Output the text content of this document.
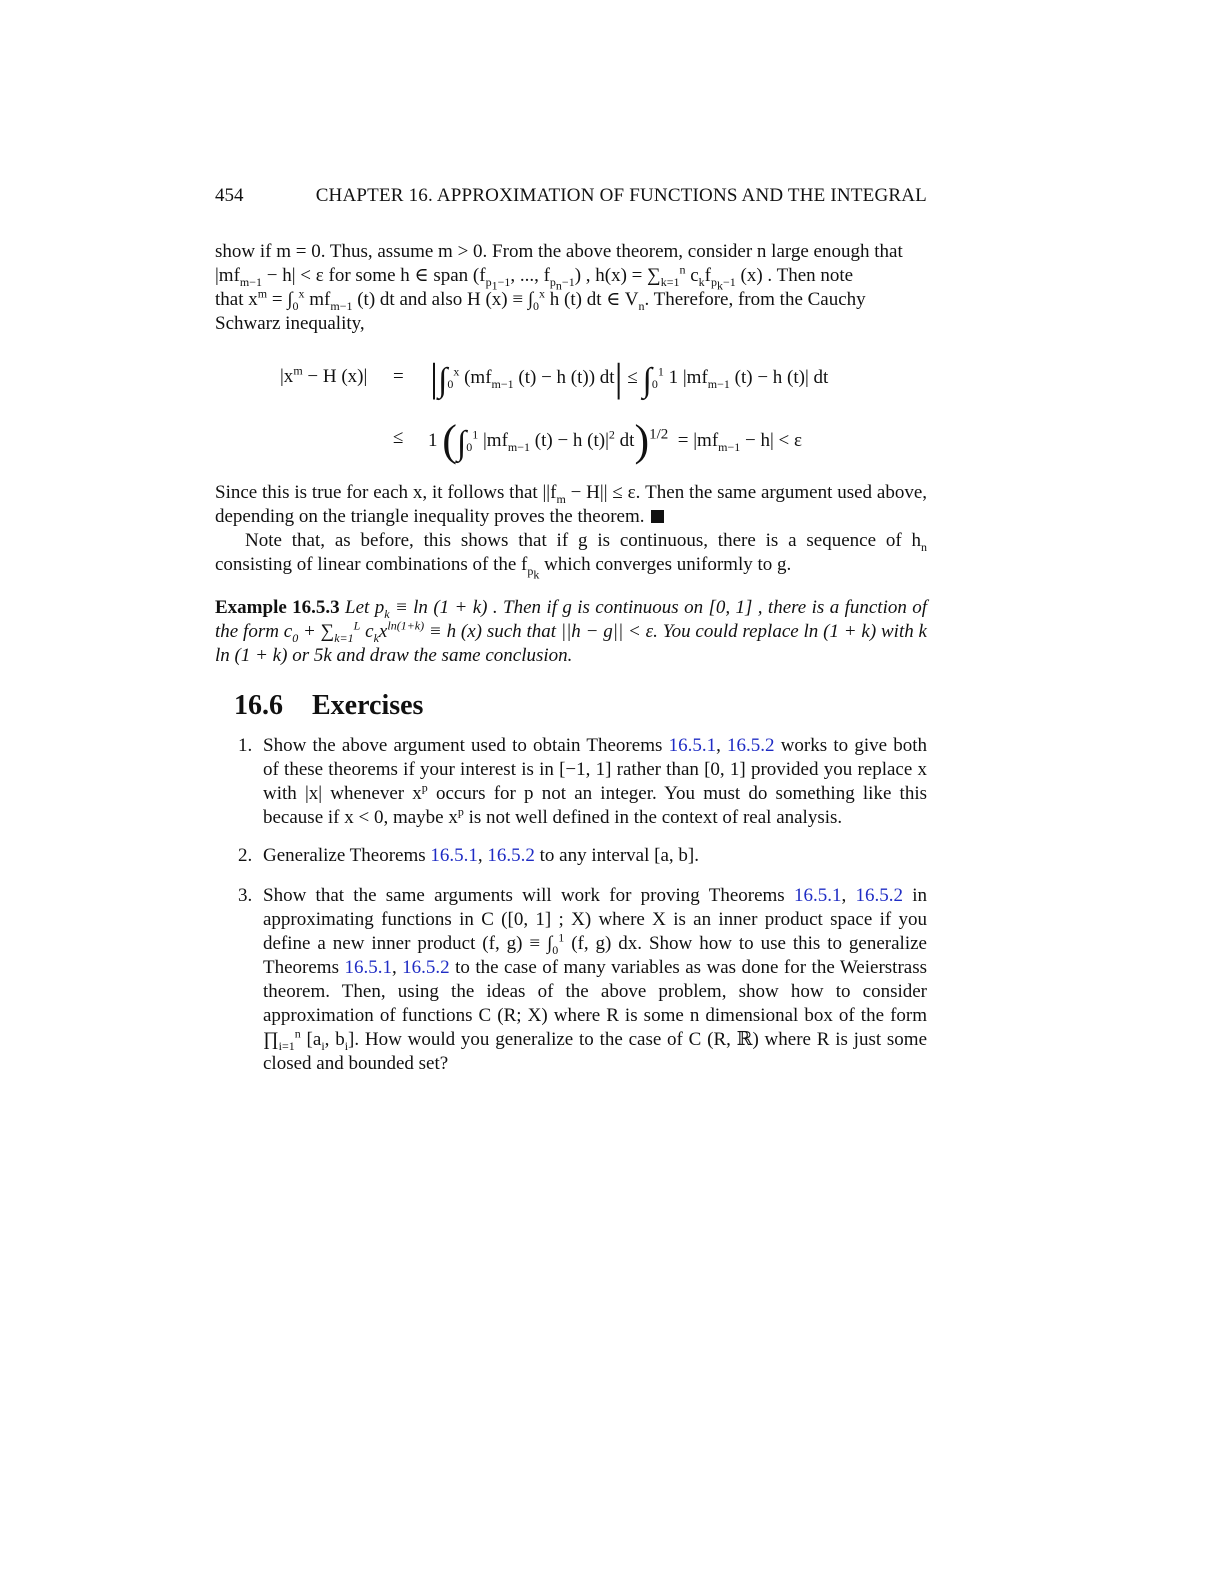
454	CHAPTER 16. APPROXIMATION OF FUNCTIONS AND THE INTEGRAL
show if m = 0. Thus, assume m > 0. From the above theorem, consider n large enough that
$|mf_{m-1} - h| < \varepsilon$ for some h ∈ span ($f_{p_1-1}$, ..., $f_{p_n-1}$) , $h(x) = \sum_{k=1}^n$ $c_kf_{p_k-1}$ (x) . Then note
that $x^m = \int_0^x$ $mf_{m-1}$ (t) dt and also H $(x) \equiv \int_0^x$ h (t) dt ∈ $V_n$. Therefore, from the Cauchy
Schwarz inequality,
$|x^m - H$ $(x)| = |\int_0^x$ ($mf_{m-1}$ (t) − h (t)) $dt| \le \int_0^1$ 1 $|mf_{m-1}$ (t) − h (t)| dt
≤ 1 ($\int_0^1$ $|mf_{m-1}$ (t) − h $(t)|^2$ $dt)^{1/2} = |mf_{m-1} - h| < \varepsilon$
Since this is true for each x, it follows that $||f_m - H|| \le \varepsilon$. Then the same argument used above, depending on the triangle inequality proves the theorem.
Note that, as before, this shows that if g is continuous, there is a sequence of $h_n$ consisting of linear combinations of the $f_{p_k}$ which converges uniformly to g.
Example 16.5.3 Let $p_k \equiv \ln (1 + k)$ . Then if g is continuous on [0, 1] , there is a function of the form $c_0 + \sum_{k=1}^L$ $c_kx^{ln(1+k)} \equiv h$ (x) such that ||h − g|| < ε. You could replace ln (1 + k) with k ln (1 + k) or 5k and draw the same conclusion.
16.6 Exercises
1. Show the above argument used to obtain Theorems 16.5.1, 16.5.2 works to give both of these theorems if your interest is in [−1, 1] rather than [0, 1] provided you replace x with |x| whenever $x^p$ occurs for p not an integer. You must do something like this because if x < 0, maybe $x^p$ is not well defined in the context of real analysis.
2. Generalize Theorems 16.5.1, 16.5.2 to any interval [a, b].
3. Show that the same arguments will work for proving Theorems 16.5.1, 16.5.2 in approximating functions in C ([0, 1] ; X) where X is an inner product space if you define a new inner product (f, $g) \equiv \int_0^1$ (f, g) dx. Show how to use this to generalize Theorems 16.5.1, 16.5.2 to the case of many variables as was done for the Weierstrass theorem. Then, using the ideas of the above problem, show how to consider approximation of functions C (R; X) where R is some n dimensional box of the form $\prod_{i=1}^n$ [$a_i$, $b_i$]. How would you generalize to the case of C (R, ℝ) where R is just some closed and bounded set?
